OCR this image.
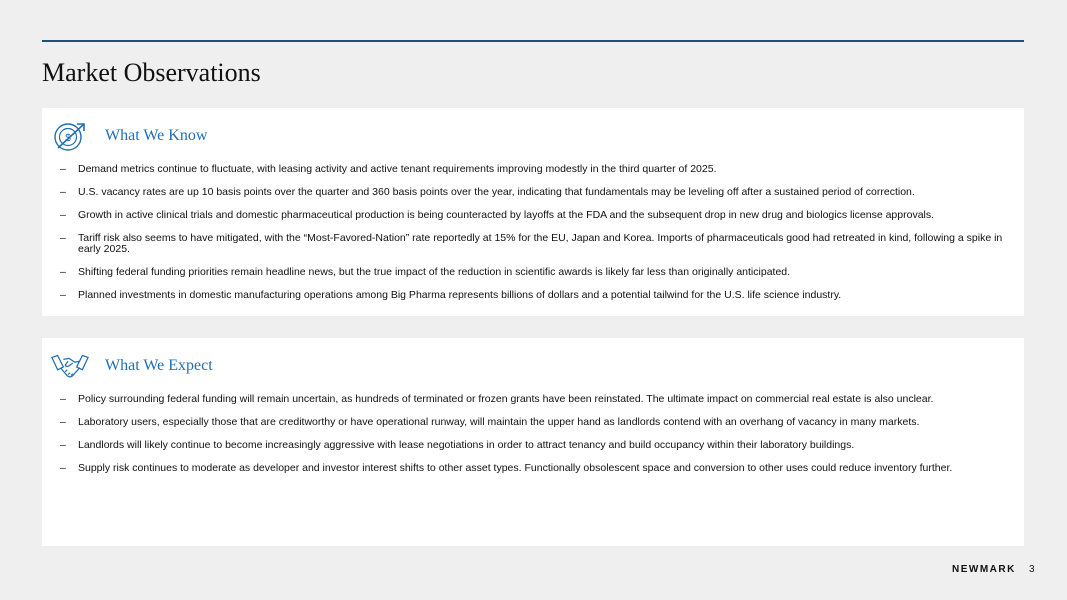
Market Observations
$ What We Know
–	Demand metrics continue to fluctuate, with leasing activity and active tenant requirements improving modestly in the third quarter of 2025.
–	U.S. vacancy rates are up 10 basis points over the quarter and 360 basis points over the year, indicating that fundamentals may be leveling off after a sustained period of correction.
–	Growth in active clinical trials and domestic pharmaceutical production is being counteracted by layoffs at the FDA and the subsequent drop in new drug and biologics license approvals.
–	Tariff risk also seems to have mitigated, with the “Most-Favored-Nation” rate reportedly at 15% for the EU, Japan and Korea. Imports of pharmaceuticals good had retreated in kind, following a spike in early 2025.
–	Shifting federal funding priorities remain headline news, but the true impact of the reduction in scientific awards is likely far less than originally anticipated.
–	Planned investments in domestic manufacturing operations among Big Pharma represents billions of dollars and a potential tailwind for the U.S. life science industry.
What We Expect
–	Policy surrounding federal funding will remain uncertain, as hundreds of terminated or frozen grants have been reinstated. The ultimate impact on commercial real estate is also unclear.
–	Laboratory users, especially those that are creditworthy or have operational runway, will maintain the upper hand as landlords contend with an overhang of vacancy in many markets.
–	Landlords will likely continue to become increasingly aggressive with lease negotiations in order to attract tenancy and build occupancy within their laboratory buildings.
–	Supply risk continues to moderate as developer and investor interest shifts to other asset types. Functionally obsolescent space and conversion to other uses could reduce inventory further.
NEWMARK 3
